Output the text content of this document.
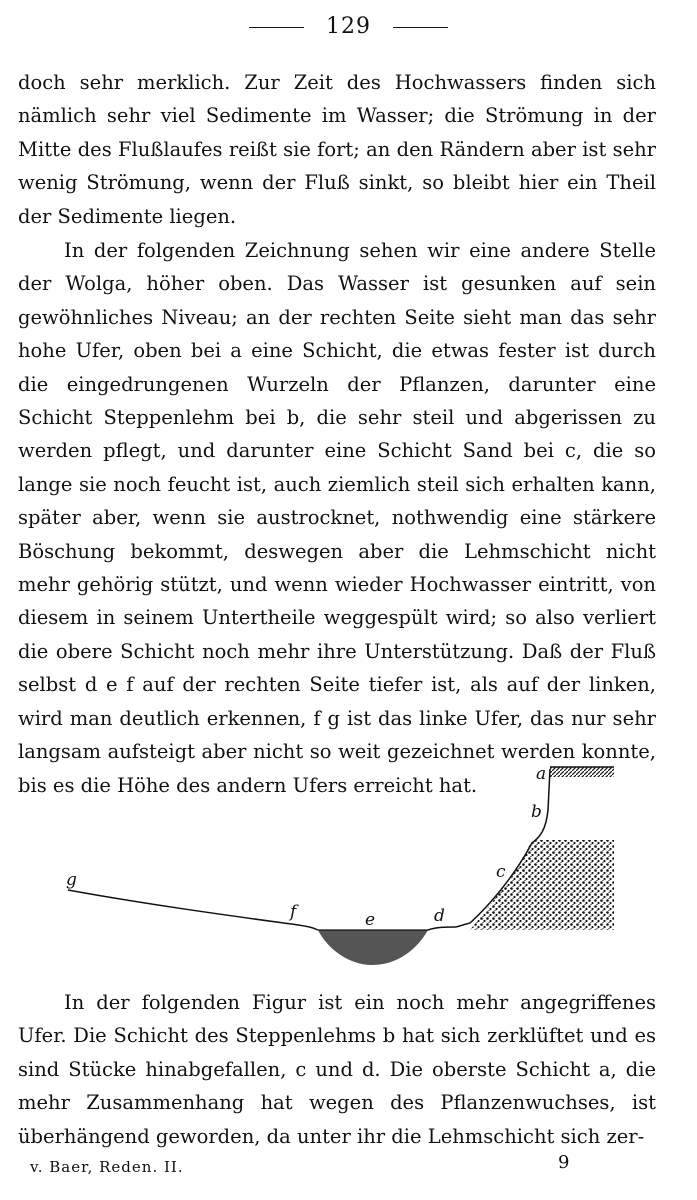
129

doch sehr merklich. Zur Zeit des Hochwassers finden sich nämlich sehr viel Sedimente im Wasser; die Strömung in der Mitte des Flußlaufes reißt sie fort; an den Rändern aber ist sehr wenig Strömung, wenn der Fluß sinkt, so bleibt hier ein Theil der Sedimente liegen.

In der folgenden Zeichnung sehen wir eine andere Stelle der Wolga, höher oben. Das Wasser ist gesunken auf sein gewöhnliches Niveau; an der rechten Seite sieht man das sehr hohe Ufer, oben bei a eine Schicht, die etwas fester ist durch die eingedrungenen Wurzeln der Pflanzen, darunter eine Schicht Steppenlehm bei b, die sehr steil und abgerissen zu werden pflegt, und darunter eine Schicht Sand bei c, die so lange sie noch feucht ist, auch ziemlich steil sich erhalten kann, später aber, wenn sie austrocknet, nothwendig eine stärkere Böschung bekommt, deswegen aber die Lehmschicht nicht mehr gehörig stützt, und wenn wieder Hochwasser eintritt, von diesem in seinem Untertheile weggespült wird; so also verliert die obere Schicht noch mehr ihre Unterstützung. Daß der Fluß selbst d e f auf der rechten Seite tiefer ist, als auf der linken, wird man deutlich erkennen, f g ist das linke Ufer, das nur sehr langsam aufsteigt aber nicht so weit gezeichnet werden konnte, bis es die Höhe des andern Ufers erreicht hat.	a
b
c
d
e
f
g

In der folgenden Figur ist ein noch mehr angegriffenes Ufer. Die Schicht des Steppenlehms b hat sich zerklüftet und es sind Stücke hinabgefallen, c und d. Die oberste Schicht a, die mehr Zusammenhang hat wegen des Pflanzenwuchses, ist überhängend geworden, da unter ihr die Lehmschicht sich zer-

v. Baer, Reden. II.	9
